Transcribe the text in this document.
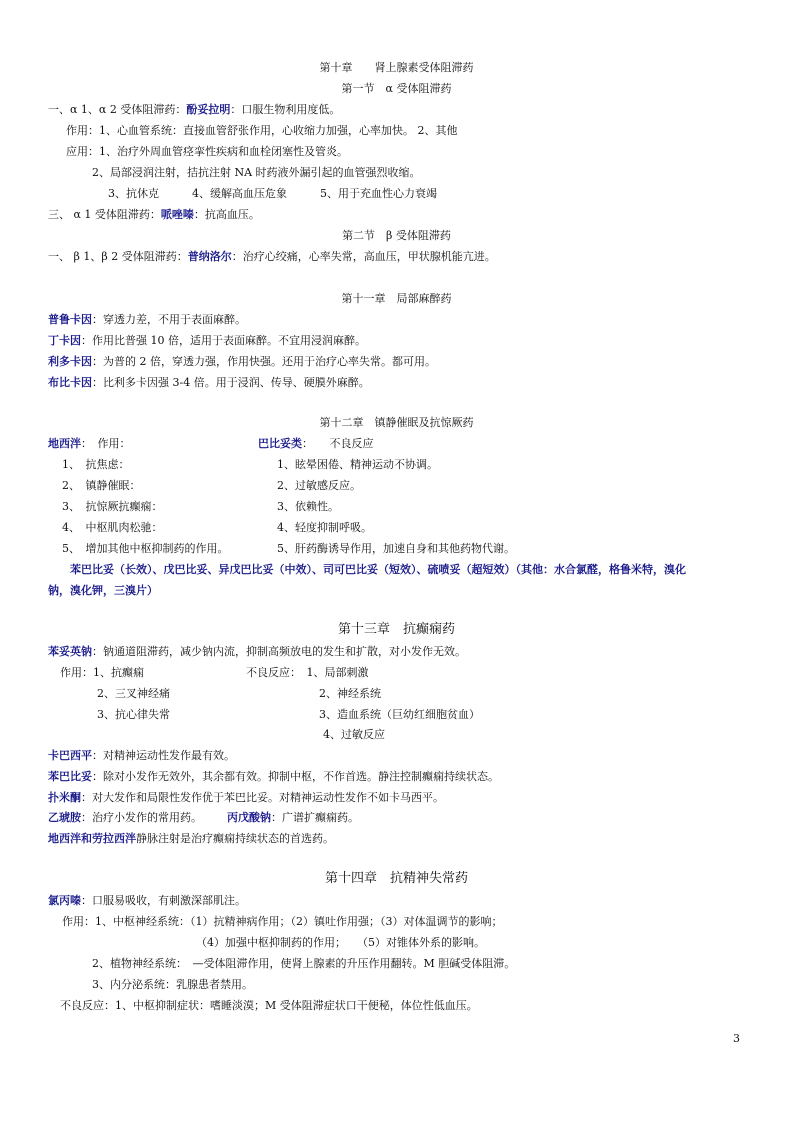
第十章　　肾上腺素受体阻滞药
第一节　α 受体阻滞药
一、α 1、α 2 受体阻滞药：酚妥拉明：口服生物利用度低。
作用：1、心血管系统：直接血管舒张作用，心收缩力加强，心率加快。 2、其他
应用：1、治疗外周血管痉挛性疾病和血栓闭塞性及管炎。
2、局部浸润注射，拮抗注射 NA 时药液外漏引起的血管强烈收缩。
3、抗休克　　　4、缓解高血压危象　　　5、用于充血性心力衰竭
三、 α 1 受体阻滞药：哌唑嗪：抗高血压。
第二节　β 受体阻滞药
一、 β 1、β 2 受体阻滞药：普纳洛尔：治疗心绞痛，心率失常，高血压，甲状腺机能亢进。
第十一章　局部麻醉药
普鲁卡因：穿透力差，不用于表面麻醉。
丁卡因：作用比普强 10 倍，适用于表面麻醉。不宜用浸润麻醉。
利多卡因：为普的 2 倍，穿透力强，作用快强。还用于治疗心率失常。都可用。
布比卡因：比利多卡因强 3-4 倍。用于浸润、传导、硬膜外麻醉。
第十二章　镇静催眠及抗惊厥药
地西泮：　作用：	巴比妥类：　　不良反应
1、　抗焦虑：	1、眩晕困倦、精神运动不协调。
2、　镇静催眠：	2、过敏感反应。
3、　抗惊厥抗癫痫：	3、依赖性。
4、　中枢肌肉松驰：	4、轻度抑制呼吸。
5、　增加其他中枢抑制药的作用。	5、肝药酶诱导作用，加速自身和其他药物代谢。
苯巴比妥（长效）、戊巴比妥、异戊巴比妥（中效）、司可巴比妥（短效）、硫喷妥（超短效）（其他：水合氯醛，格鲁米特，溴化
钠，溴化钾，三溴片）
第十三章　抗癫痫药
苯妥英钠：钠通道阻滞药，减少钠内流，抑制高频放电的发生和扩散，对小发作无效。
作用：1、抗癫痫	不良反应：　1、局部刺激
2、三叉神经痛	2、神经系统
3、抗心律失常	3、造血系统（巨幼红细胞贫血）
4、过敏反应
卡巴西平：对精神运动性发作最有效。
苯巴比妥：除对小发作无效外，其余都有效。抑制中枢，不作首选。静注控制癫痫持续状态。
扑米酮：对大发作和局限性发作优于苯巴比妥。对精神运动性发作不如卡马西平。
乙琥胺：治疗小发作的常用药。 丙戊酸钠：广谱扩癫痫药。
地西泮和劳拉西泮静脉注射是治疗癫痫持续状态的首选药。
第十四章　抗精神失常药
氯丙嗪：口服易吸收，有刺激深部肌注。
作用：1、中枢神经系统：（1）抗精神病作用；（2）镇吐作用强；（3）对体温调节的影响；
（4）加强中枢抑制药的作用；　　（5）对锥体外系的影响。
2、植物神经系统：　—受体阻滞作用，使肾上腺素的升压作用翻转。M 胆碱受体阻滞。
3、内分泌系统：乳腺患者禁用。
不良反应：1、中枢抑制症状：嗜睡淡漠；M 受体阻滞症状口干便秘，体位性低血压。
3
